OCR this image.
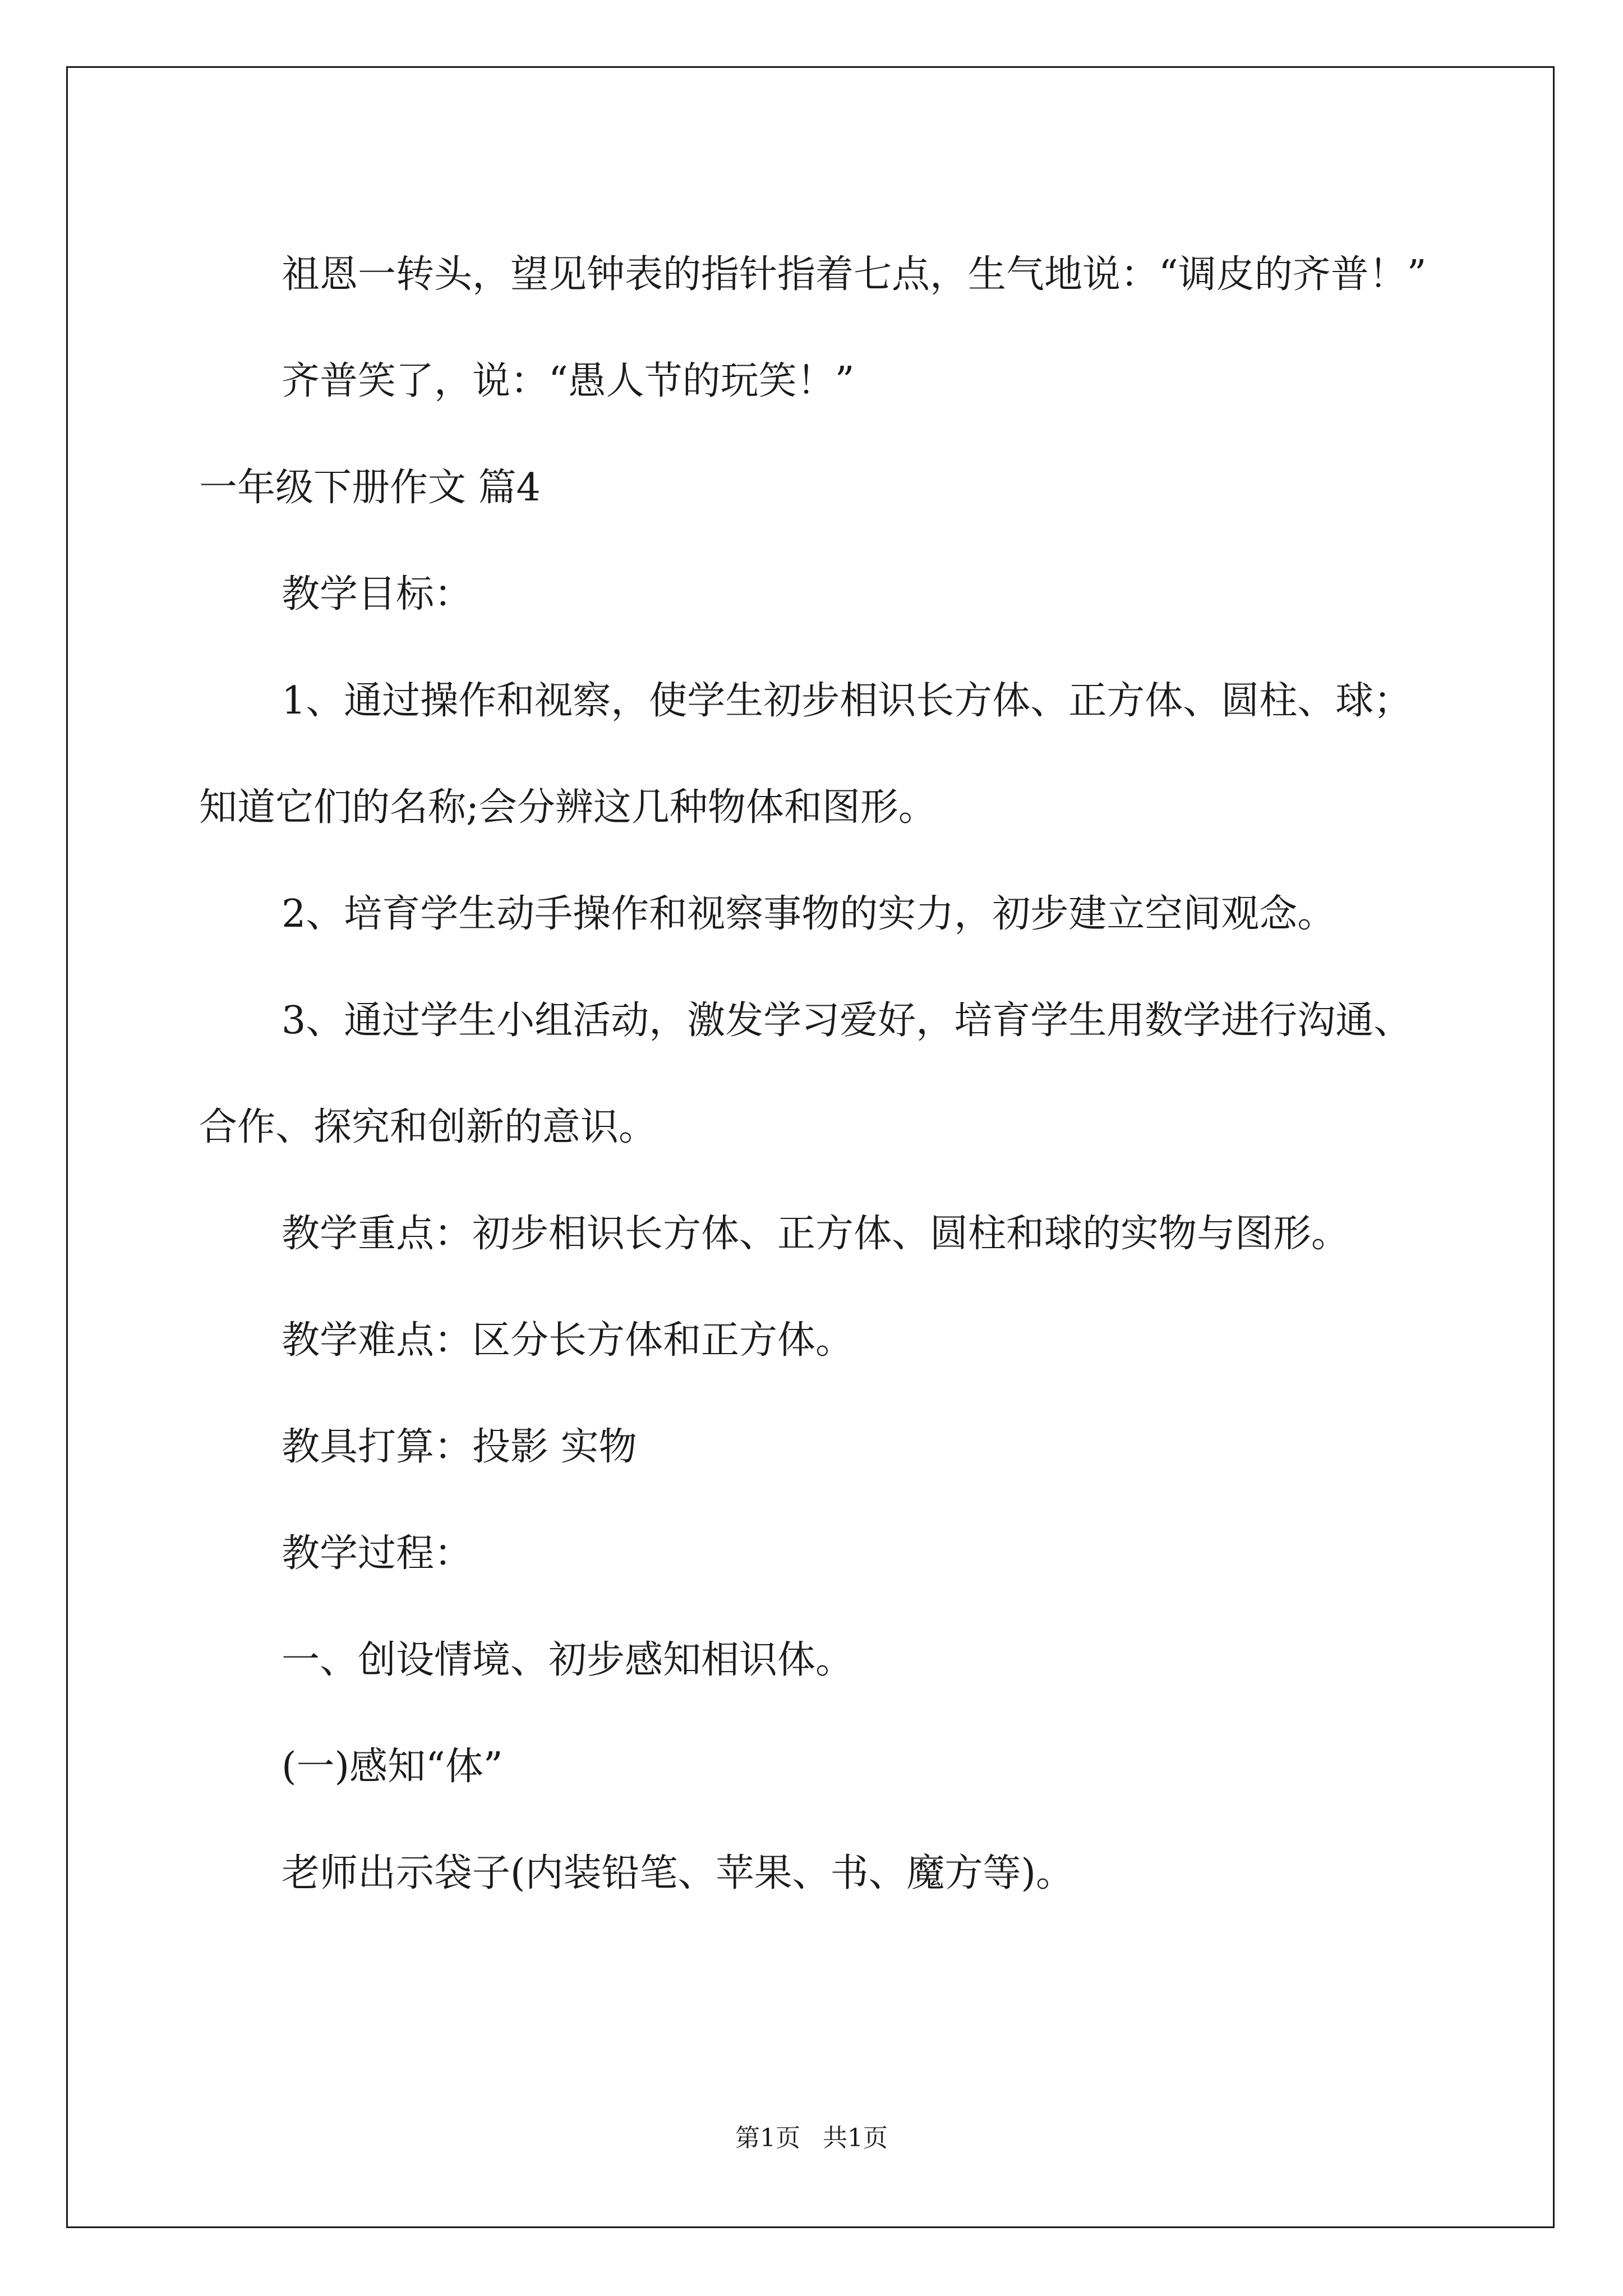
祖恩一转头，望见钟表的指针指着七点，生气地说：“调皮的齐普！”

齐普笑了，说：“愚人节的玩笑！”

一年级下册作文 篇4

教学目标：

1、通过操作和视察，使学生初步相识长方体、正方体、圆柱、球；知道它们的名称;会分辨这几种物体和图形。

2、培育学生动手操作和视察事物的实力，初步建立空间观念。

3、通过学生小组活动，激发学习爱好，培育学生用数学进行沟通、合作、探究和创新的意识。

教学重点：初步相识长方体、正方体、圆柱和球的实物与图形。

教学难点：区分长方体和正方体。

教具打算：投影 实物

教学过程：

一、创设情境、初步感知相识体。

(一)感知“体”

老师出示袋子(内装铅笔、苹果、书、魔方等)。

第1页 共1页
